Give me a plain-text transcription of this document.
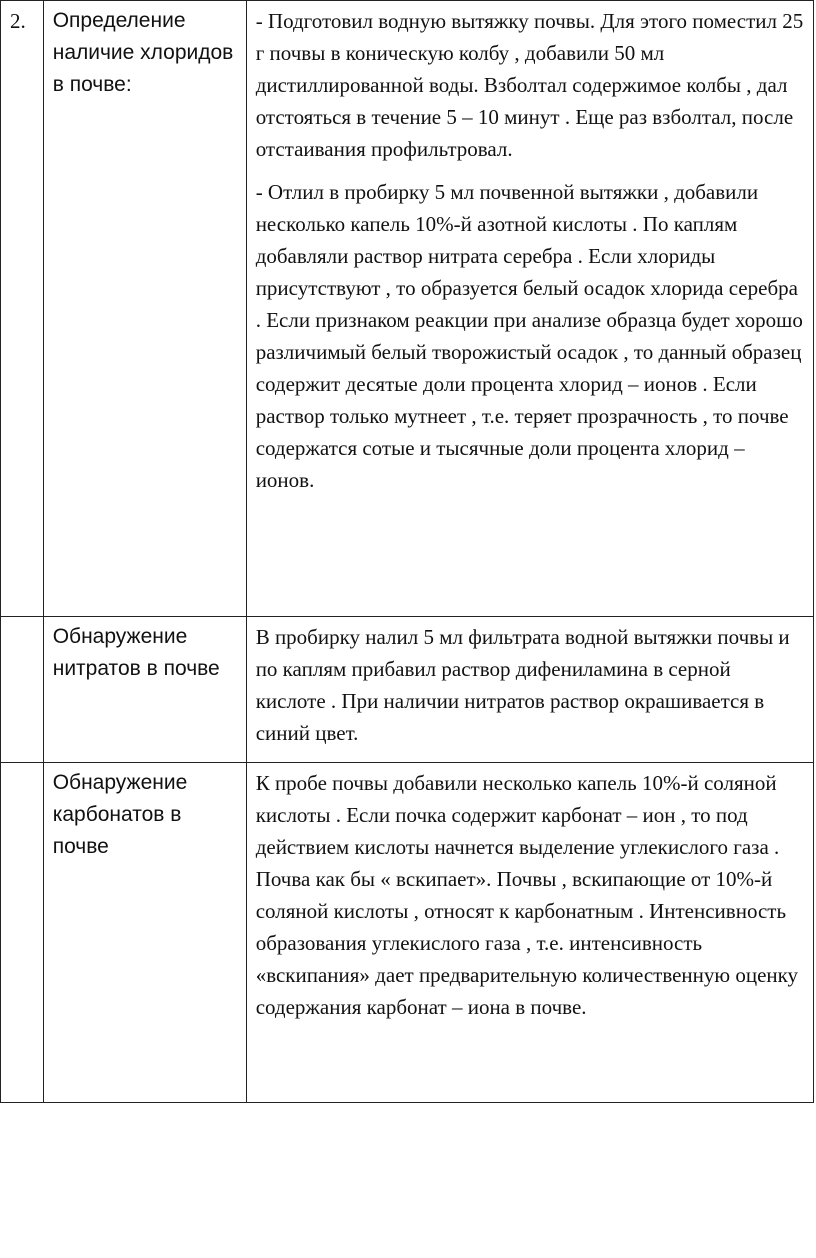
2.	Определение наличие хлоридов в почве:	- Подготовил водную вытяжку почвы. Для этого поместил 25 г почвы в коническую колбу , добавили 50 мл дистиллированной воды. Взболтал содержимое колбы , дал отстояться в течение 5 – 10 минут . Еще раз взболтал, после отстаивания профильтровал.

- Отлил в пробирку 5 мл почвенной вытяжки , добавили несколько капель 10%-й азотной кислоты . По каплям добавляли раствор нитрата серебра . Если хлориды присутствуют , то образуется белый осадок хлорида серебра . Если признаком реакции при анализе образца будет хорошо различимый белый творожистый осадок , то данный образец содержит десятые доли процента хлорид – ионов . Если раствор только мутнеет , т.е. теряет прозрачность , то почве содержатся сотые и тысячные доли процента хлорид – ионов.

	Обнаружение нитратов в почве	В пробирку налил 5 мл фильтрата водной вытяжки почвы и по каплям прибавил раствор дифениламина в серной кислоте . При наличии нитратов раствор окрашивается в синий цвет.

	Обнаружение карбонатов в почве	К пробе почвы добавили несколько капель 10%-й соляной кислоты . Если почка содержит карбонат – ион , то под действием кислоты начнется выделение углекислого газа . Почва как бы « вскипает». Почвы , вскипающие от 10%-й соляной кислоты , относят к карбонатным . Интенсивность образования углекислого газа , т.е. интенсивность «вскипания» дает предварительную количественную оценку содержания карбонат – иона в почве.
